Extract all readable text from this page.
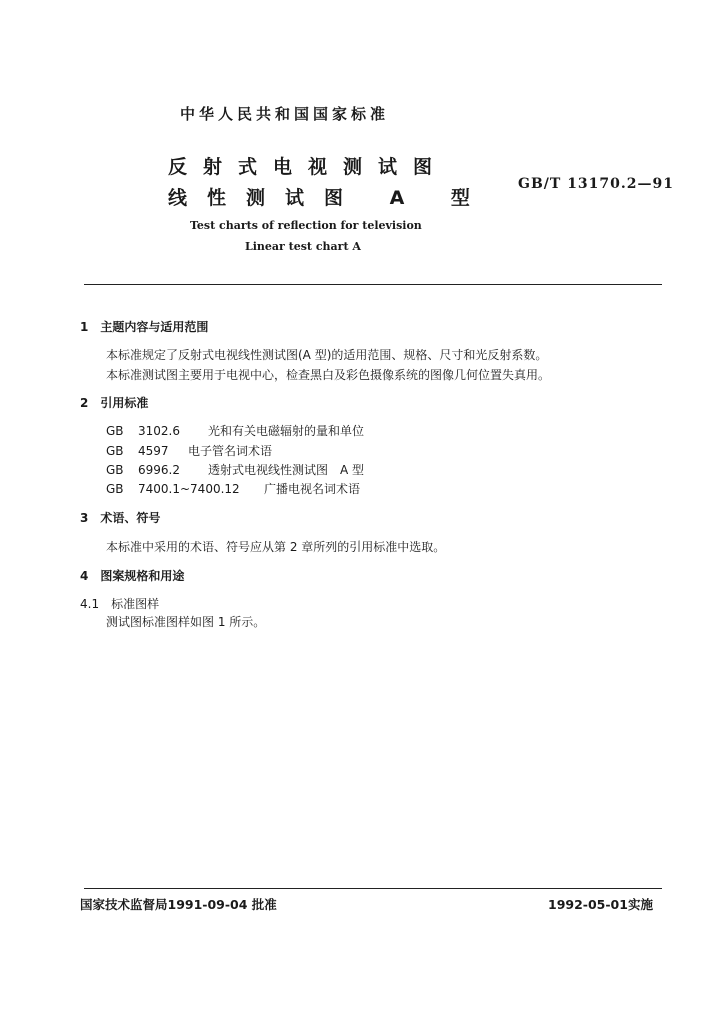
中华人民共和国国家标准
反射式电视测试图
线性测试图 A 型
GB/T 13170.2—91
Test charts of reflection for television
Linear test chart A
1　主题内容与适用范围
本标准规定了反射式电视线性测试图(A 型)的适用范围、规格、尺寸和光反射系数。
本标准测试图主要用于电视中心，检查黑白及彩色摄像系统的图像几何位置失真用。
2　引用标准
GB 3102.6 光和有关电磁辐射的量和单位
GB 4597 电子管名词术语
GB 6996.2 透射式电视线性测试图　A 型
GB 7400.1~7400.12 广播电视名词术语
3　术语、符号
本标准中采用的术语、符号应从第 2 章所列的引用标准中选取。
4　图案规格和用途
4.1　标准图样
测试图标准图样如图 1 所示。
国家技术监督局1991-09-04 批准	1992-05-01实施
